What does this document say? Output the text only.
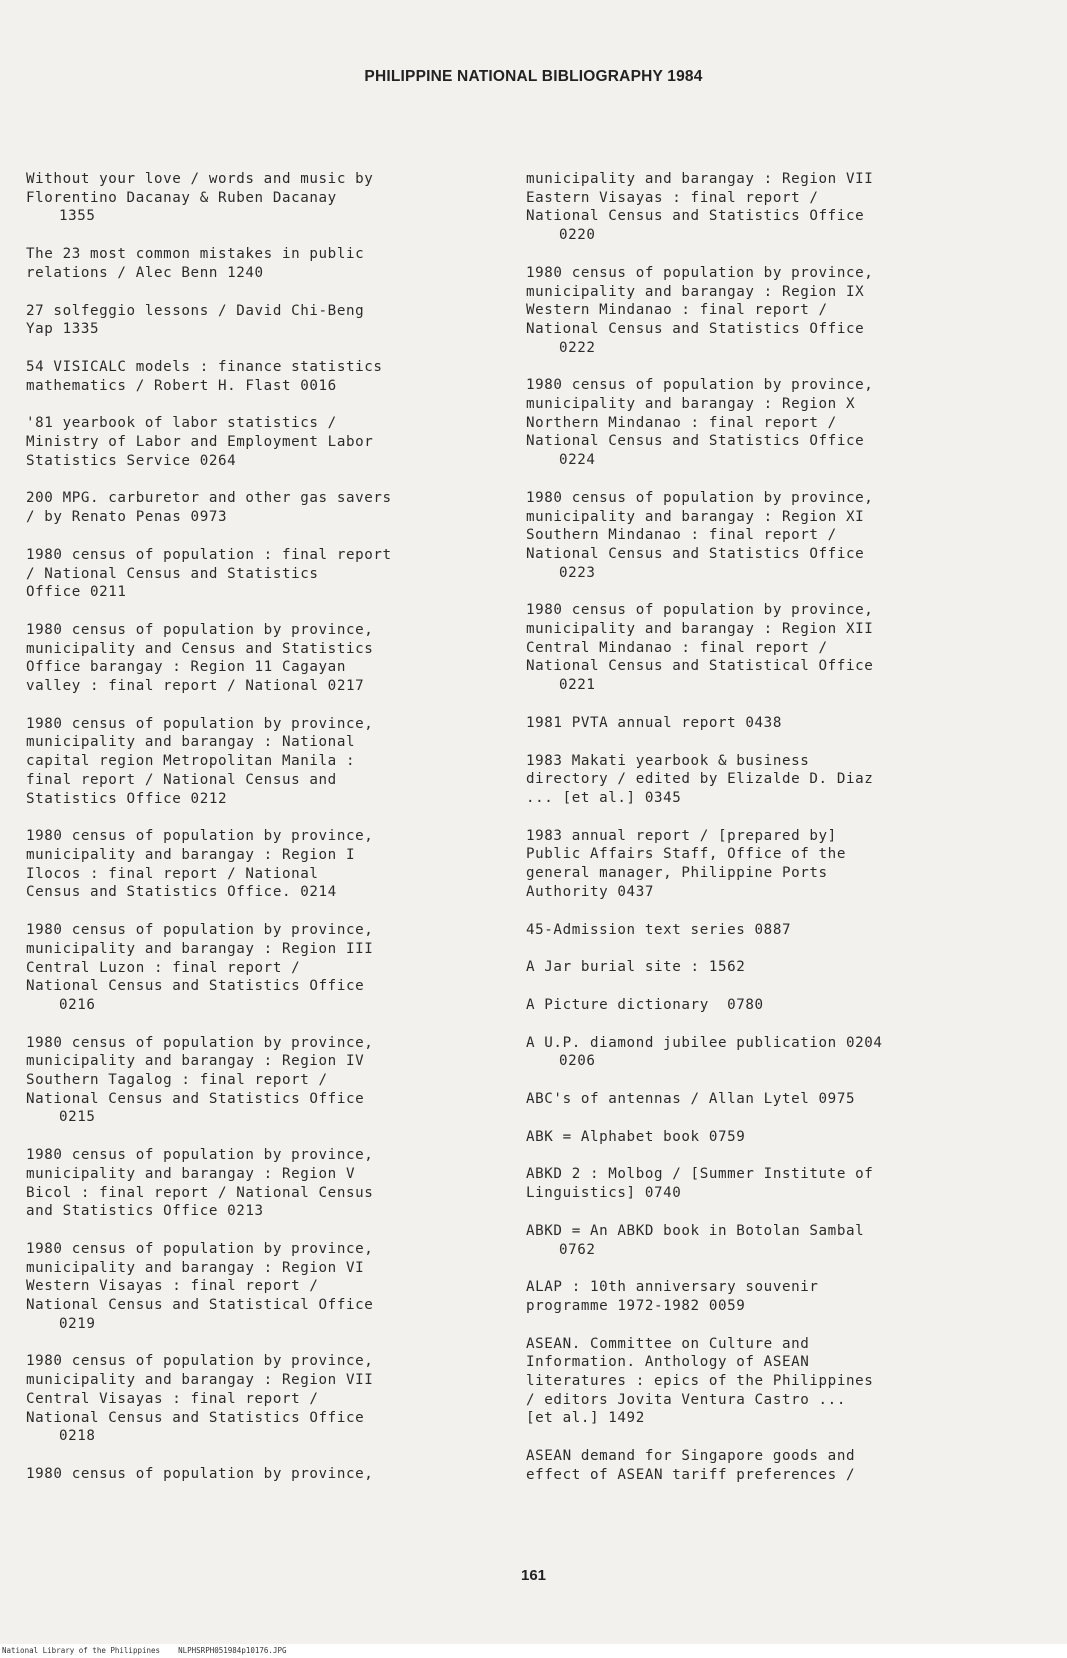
PHILIPPINE NATIONAL BIBLIOGRAPHY 1984
Without your love / words and music by
Florentino Dacanay & Ruben Dacanay
1355
The 23 most common mistakes in public
relations / Alec Benn 1240
27 solfeggio lessons / David Chi-Beng
Yap 1335
54 VISICALC models : finance statistics
mathematics / Robert H. Flast 0016
'81 yearbook of labor statistics /
Ministry of Labor and Employment Labor
Statistics Service 0264
200 MPG. carburetor and other gas savers
/ by Renato Penas 0973
1980 census of population : final report
/ National Census and Statistics
Office 0211
1980 census of population by province,
municipality and Census and Statistics
Office barangay : Region 11 Cagayan
valley : final report / National 0217
1980 census of population by province,
municipality and barangay : National
capital region Metropolitan Manila :
final report / National Census and
Statistics Office 0212
1980 census of population by province,
municipality and barangay : Region I
Ilocos : final report / National
Census and Statistics Office. 0214
1980 census of population by province,
municipality and barangay : Region III
Central Luzon : final report /
National Census and Statistics Office
0216
1980 census of population by province,
municipality and barangay : Region IV
Southern Tagalog : final report /
National Census and Statistics Office
0215
1980 census of population by province,
municipality and barangay : Region V
Bicol : final report / National Census
and Statistics Office 0213
1980 census of population by province,
municipality and barangay : Region VI
Western Visayas : final report /
National Census and Statistical Office
0219
1980 census of population by province,
municipality and barangay : Region VII
Central Visayas : final report /
National Census and Statistics Office
0218
1980 census of population by province,
municipality and barangay : Region VII
Eastern Visayas : final report /
National Census and Statistics Office
0220
1980 census of population by province,
municipality and barangay : Region IX
Western Mindanao : final report /
National Census and Statistics Office
0222
1980 census of population by province,
municipality and barangay : Region X
Northern Mindanao : final report /
National Census and Statistics Office
0224
1980 census of population by province,
municipality and barangay : Region XI
Southern Mindanao : final report /
National Census and Statistics Office
0223
1980 census of population by province,
municipality and barangay : Region XII
Central Mindanao : final report /
National Census and Statistical Office
0221
1981 PVTA annual report 0438
1983 Makati yearbook & business
directory / edited by Elizalde D. Diaz
... [et al.] 0345
1983 annual report / [prepared by]
Public Affairs Staff, Office of the
general manager, Philippine Ports
Authority 0437
45-Admission text series 0887
A Jar burial site : 1562
A Picture dictionary  0780
A U.P. diamond jubilee publication 0204
0206
ABC's of antennas / Allan Lytel 0975
ABK = Alphabet book 0759
ABKD 2 : Molbog / [Summer Institute of
Linguistics] 0740
ABKD = An ABKD book in Botolan Sambal
0762
ALAP : 10th anniversary souvenir
programme 1972-1982 0059
ASEAN. Committee on Culture and
Information. Anthology of ASEAN
literatures : epics of the Philippines
/ editors Jovita Ventura Castro ...
[et al.] 1492
ASEAN demand for Singapore goods and
effect of ASEAN tariff preferences /
161
National Library of the Philippines    NLPHSRPH051984p10176.JPG
